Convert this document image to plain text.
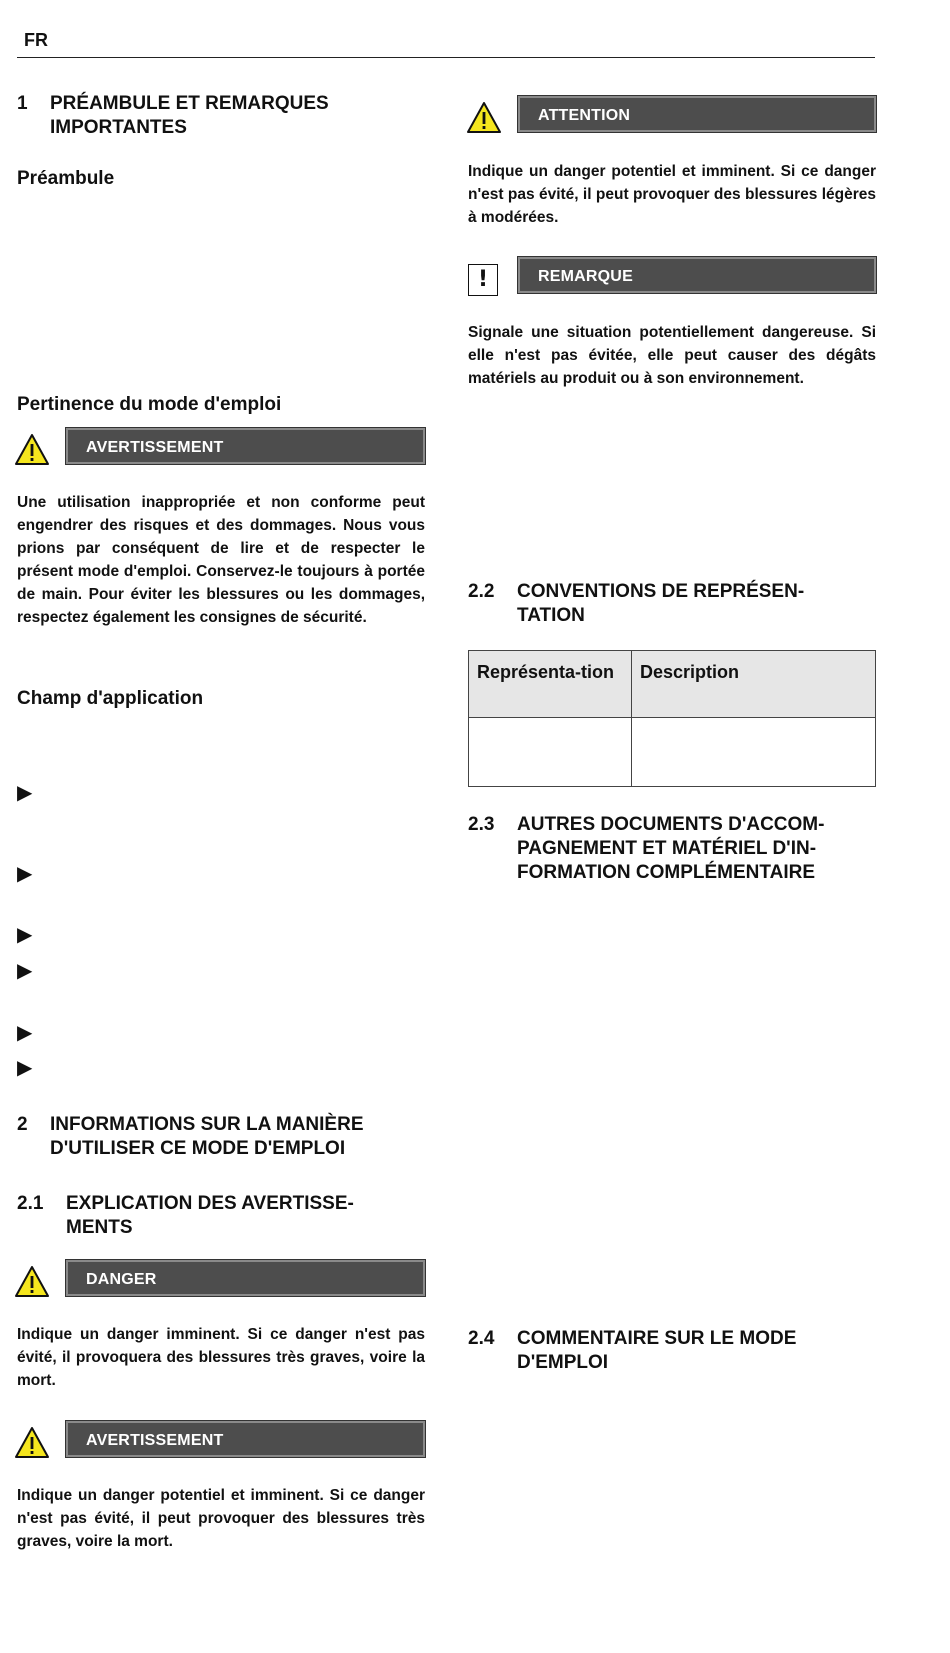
FR
1 PRÉAMBULE ET REMARQUES
IMPORTANTES
Préambule
Pertinence du mode d'emploi
AVERTISSEMENT
Une utilisation inappropriée et non conforme peut engendrer des risques et des dommages. Nous vous prions par conséquent de lire et de respecter le présent mode d'emploi. Conservez-le toujours à portée de main. Pour éviter les blessures ou les dommages, respectez également les consignes de sécurité.
Champ d'application
▶
▶
▶
▶
▶
▶
2 INFORMATIONS SUR LA MANIÈRE
D'UTILISER CE MODE D'EMPLOI
2.1 EXPLICATION DES AVERTISSE-
MENTS
DANGER
Indique un danger imminent. Si ce danger n'est pas évité, il provoquera des blessures très graves, voire la mort.
AVERTISSEMENT
Indique un danger potentiel et imminent. Si ce danger n'est pas évité, il peut provoquer des blessures très graves, voire la mort.
ATTENTION
Indique un danger potentiel et imminent. Si ce danger n'est pas évité, il peut provoquer des blessures légères à modérées.
!	REMARQUE
Signale une situation potentiellement dangereuse. Si elle n'est pas évitée, elle peut causer des dégâts matériels au produit ou à son environnement.
2.2 CONVENTIONS DE REPRÉSEN-
TATION
Représenta-tion	Description

2.3 AUTRES DOCUMENTS D'ACCOM-
PAGNEMENT ET MATÉRIEL D'IN-
FORMATION COMPLÉMENTAIRE
2.4 COMMENTAIRE SUR LE MODE
D'EMPLOI
